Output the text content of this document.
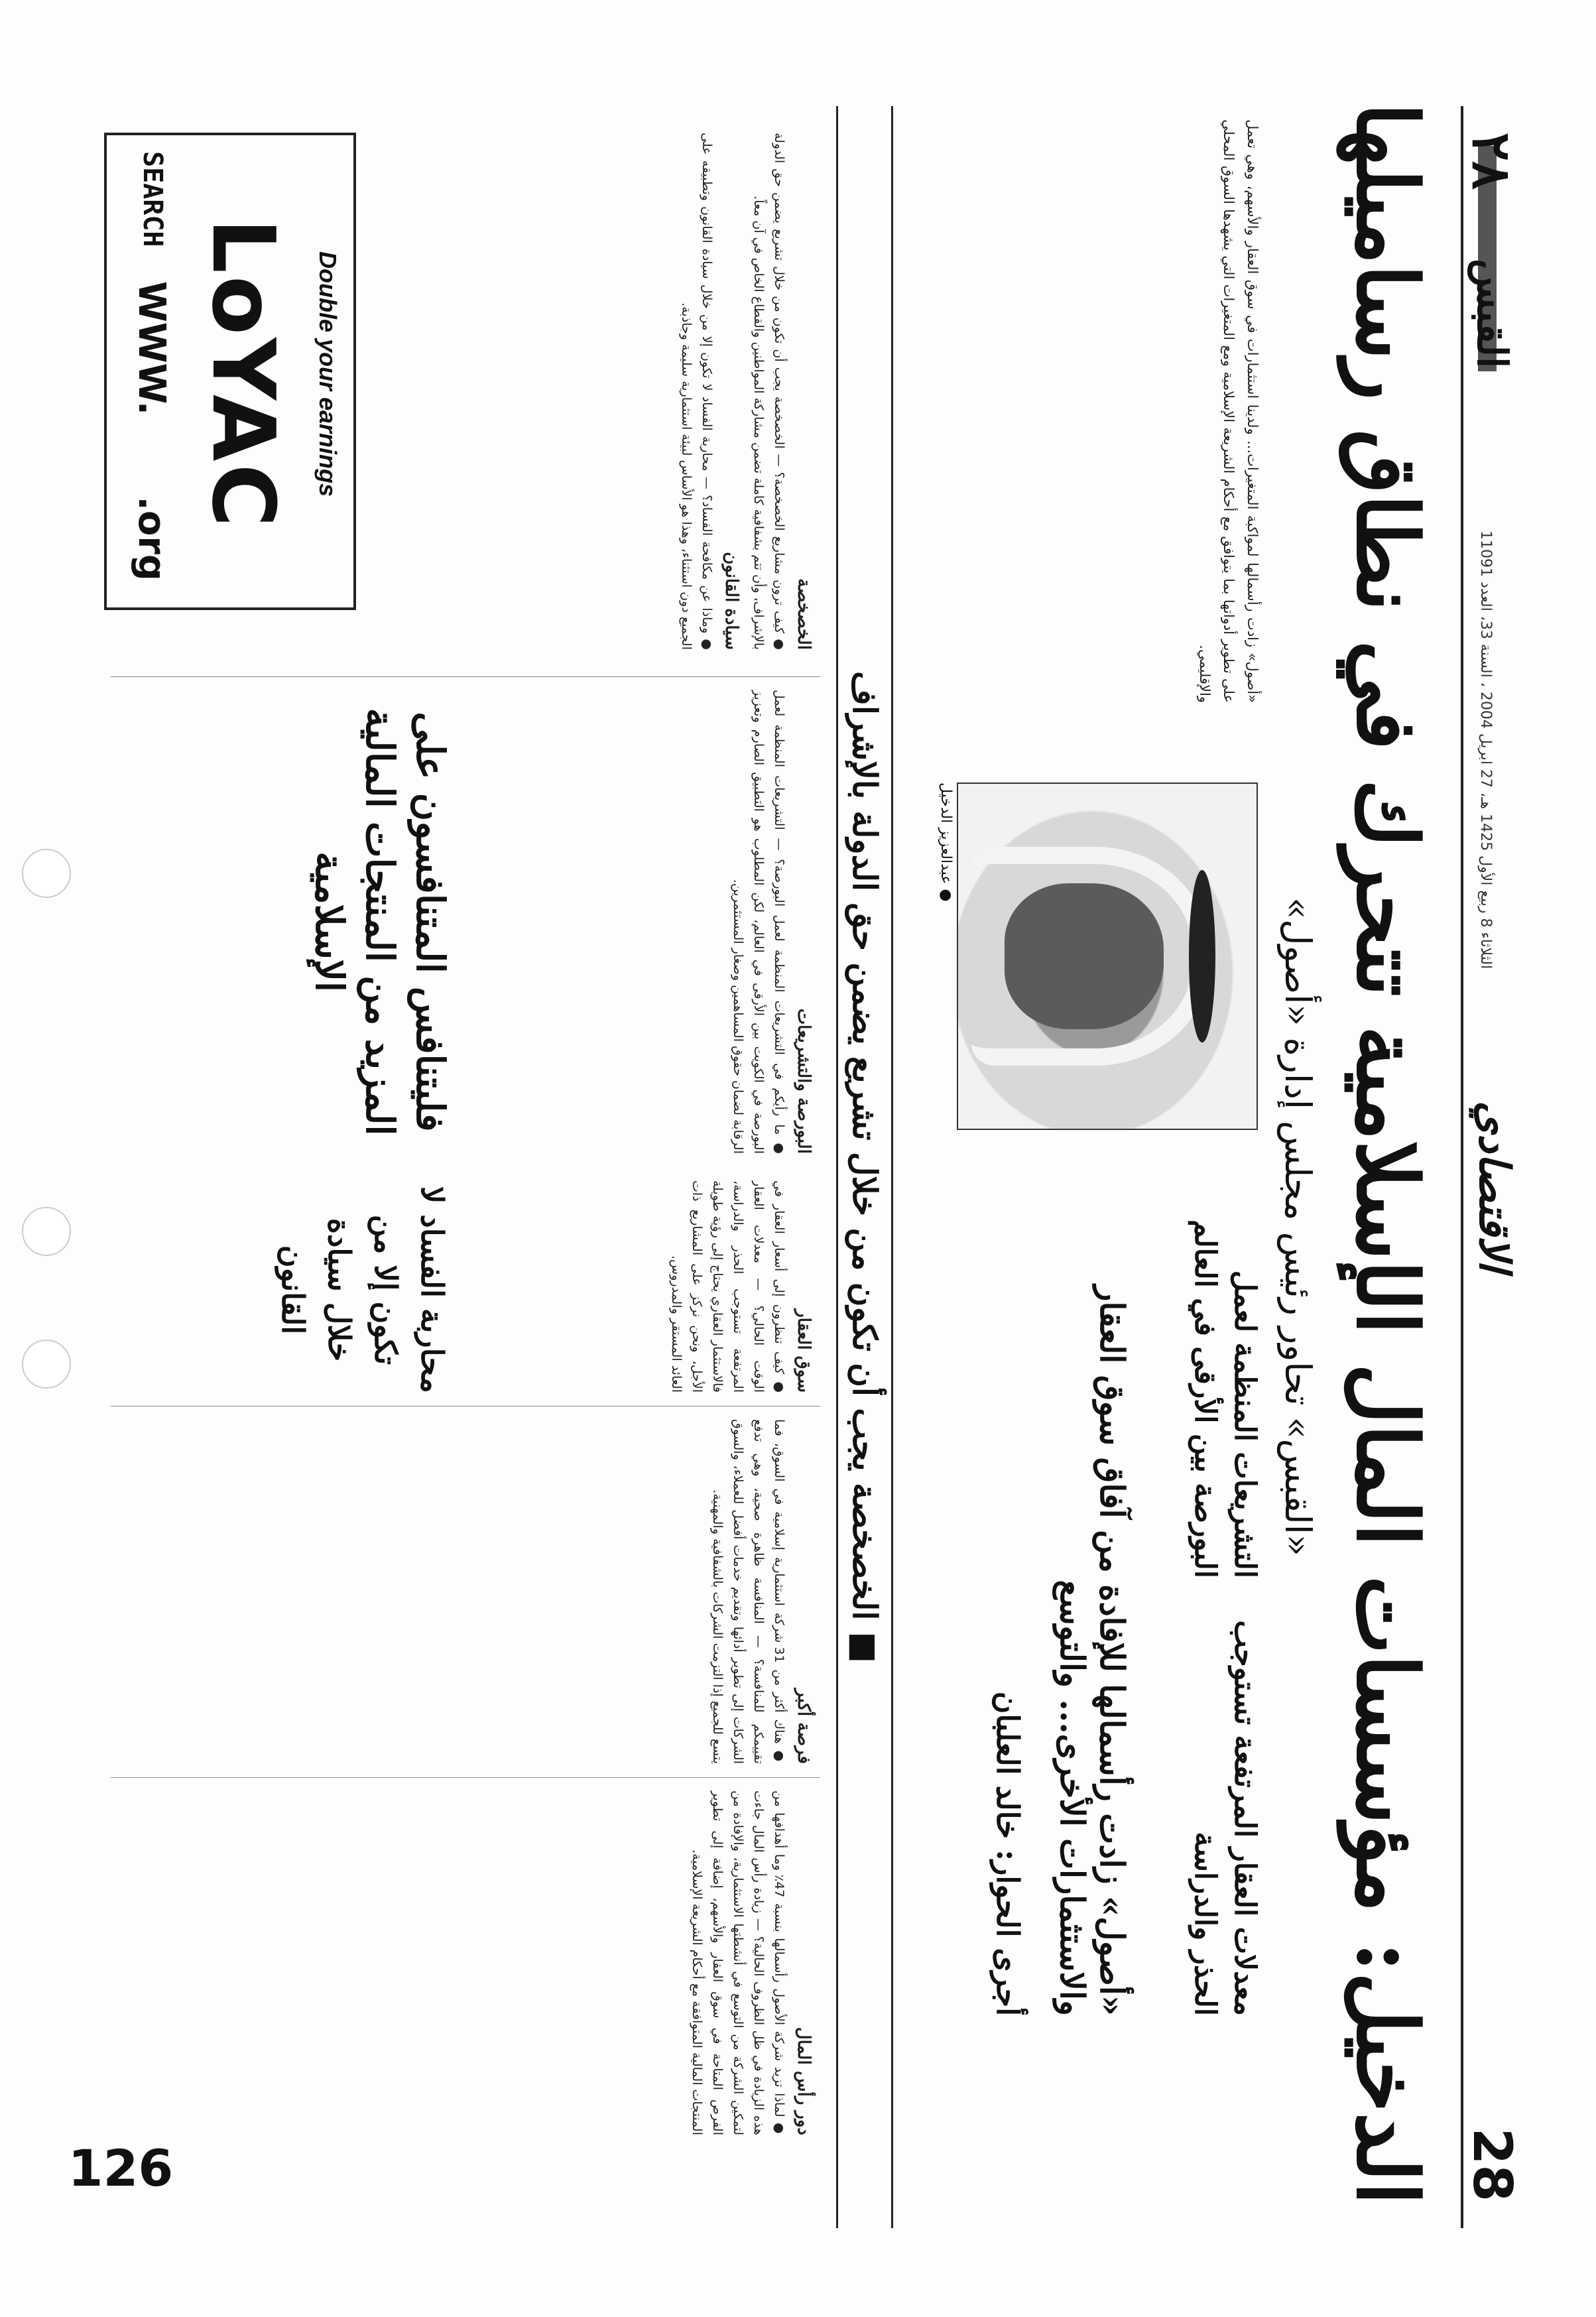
28
الاقتصادي
الثلاثاء 8 ربيع الأول 1425 هـ، 27 ابريل 2004 ، السنة 33، العدد 11091
القبس
٢٨
الدخيل: مؤسسات المال الإسلامية تتحرك في نطاق رساميلها
«القبس» تحاور رئيس مجلس إدارة «أصول»
«أصول» زادت رأسمالها لمواكبة المتغيرات... ولدينا استثمارات في سوق العقار والأسهم، وهي تعمل على تطوير أدواتها بما يتوافق مع أحكام الشريعة الإسلامية ومع المتغيرات التي يشهدها السوق المحلي والإقليمي.
● عبدالعزيز الدخيل
التشريعات المنظمة لعمل البورصة بين الأرقى في العالم
معدلات العقار المرتفعة تستوجب الحذر والدراسة
«أصول» زادت رأسمالها للإفادة من آفاق سوق العقار والاستثمارات الأخرى... والتوسع
أجرى الحوار: خالد العلبان
■ الخصخصة يجب أن تكون من خلال تشريع يضمن حق الدولة بالإشراف
دور رأس المال
● لماذا تزيد شركة الأصول رأسمالها بنسبة 47٪ وما أهدافها من هذه الزيادة في ظل الظروف الحالية؟ — زيادة رأس المال جاءت لتمكين الشركة من التوسع في أنشطتها الاستثمارية، والإفادة من الفرص المتاحة في سوق العقار والأسهم، إضافة إلى تطوير المنتجات المالية المتوافقة مع أحكام الشريعة الإسلامية.
فرصة أكبر
● هناك أكثر من 31 شركة استثمارية إسلامية في السوق، فما تقييمكم للمنافسة؟ — المنافسة ظاهرة صحية، وهي تدفع الشركات إلى تطوير أدائها وتقديم خدمات أفضل للعملاء، والسوق يتسع للجميع إذا التزمت الشركات بالشفافية والمهنية.
سوق العقار
● كيف تنظرون إلى أسعار العقار في الوقت الحالي؟ — معدلات العقار المرتفعة تستوجب الحذر والدراسة، فالاستثمار العقاري يحتاج إلى رؤية طويلة الأجل، ونحن نركز على المشاريع ذات العائد المستقر والمدروس.
محاربة الفساد لا تكون إلا من خلال سيادة القانون
فليتنافس المتنافسون على المزيد من المنتجات المالية الإسلامية
البورصة والتشريعات
● ما رأيكم في التشريعات المنظمة لعمل البورصة؟ — التشريعات المنظمة لعمل البورصة في الكويت بين الأرقى في العالم، لكن المطلوب هو التطبيق الصارم وتعزيز الرقابة لضمان حقوق المساهمين وصغار المستثمرين.
الخصخصة
● كيف ترون مشاريع الخصخصة؟ — الخصخصة يجب أن تكون من خلال تشريع يضمن حق الدولة بالإشراف، وأن تتم بشفافية كاملة تضمن مشاركة المواطنين والقطاع الخاص في آن معاً.
سيادة القانون
● وماذا عن مكافحة الفساد؟ — محاربة الفساد لا تكون إلا من خلال سيادة القانون وتطبيقه على الجميع دون استثناء، وهذا هو الأساس لبيئة استثمارية سليمة وجاذبة.
Double your earnings
LoYAC
SEARCH
WWW.
.org
126
